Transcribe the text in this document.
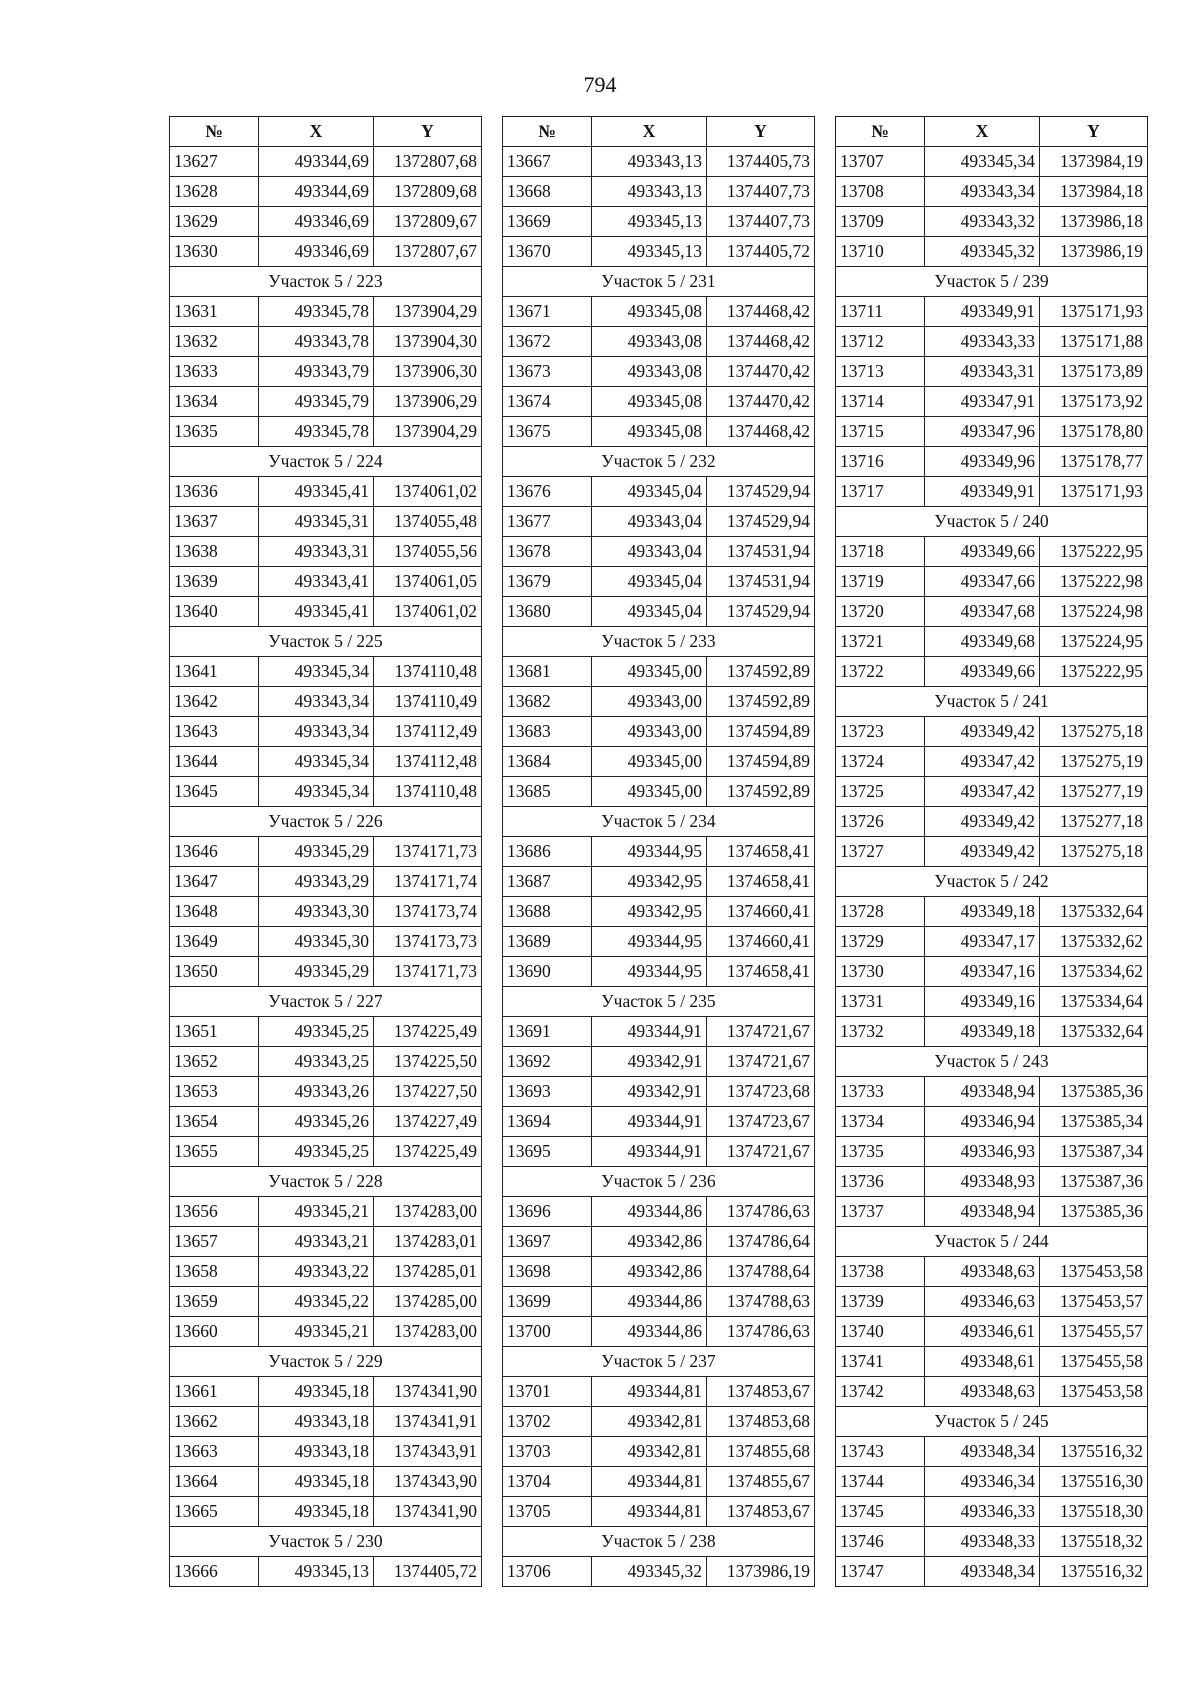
794
№	X	Y
13627	493344,69	1372807,68
13628	493344,69	1372809,68
13629	493346,69	1372809,67
13630	493346,69	1372807,67
Участок 5 / 223		
13631	493345,78	1373904,29
13632	493343,78	1373904,30
13633	493343,79	1373906,30
13634	493345,79	1373906,29
13635	493345,78	1373904,29
Участок 5 / 224		
13636	493345,41	1374061,02
13637	493345,31	1374055,48
13638	493343,31	1374055,56
13639	493343,41	1374061,05
13640	493345,41	1374061,02
Участок 5 / 225		
13641	493345,34	1374110,48
13642	493343,34	1374110,49
13643	493343,34	1374112,49
13644	493345,34	1374112,48
13645	493345,34	1374110,48
Участок 5 / 226		
13646	493345,29	1374171,73
13647	493343,29	1374171,74
13648	493343,30	1374173,74
13649	493345,30	1374173,73
13650	493345,29	1374171,73
Участок 5 / 227		
13651	493345,25	1374225,49
13652	493343,25	1374225,50
13653	493343,26	1374227,50
13654	493345,26	1374227,49
13655	493345,25	1374225,49
Участок 5 / 228		
13656	493345,21	1374283,00
13657	493343,21	1374283,01
13658	493343,22	1374285,01
13659	493345,22	1374285,00
13660	493345,21	1374283,00
Участок 5 / 229		
13661	493345,18	1374341,90
13662	493343,18	1374341,91
13663	493343,18	1374343,91
13664	493345,18	1374343,90
13665	493345,18	1374341,90
Участок 5 / 230		
13666	493345,13	1374405,72
№	X	Y
13667	493343,13	1374405,73
13668	493343,13	1374407,73
13669	493345,13	1374407,73
13670	493345,13	1374405,72
Участок 5 / 231		
13671	493345,08	1374468,42
13672	493343,08	1374468,42
13673	493343,08	1374470,42
13674	493345,08	1374470,42
13675	493345,08	1374468,42
Участок 5 / 232		
13676	493345,04	1374529,94
13677	493343,04	1374529,94
13678	493343,04	1374531,94
13679	493345,04	1374531,94
13680	493345,04	1374529,94
Участок 5 / 233		
13681	493345,00	1374592,89
13682	493343,00	1374592,89
13683	493343,00	1374594,89
13684	493345,00	1374594,89
13685	493345,00	1374592,89
Участок 5 / 234		
13686	493344,95	1374658,41
13687	493342,95	1374658,41
13688	493342,95	1374660,41
13689	493344,95	1374660,41
13690	493344,95	1374658,41
Участок 5 / 235		
13691	493344,91	1374721,67
13692	493342,91	1374721,67
13693	493342,91	1374723,68
13694	493344,91	1374723,67
13695	493344,91	1374721,67
Участок 5 / 236		
13696	493344,86	1374786,63
13697	493342,86	1374786,64
13698	493342,86	1374788,64
13699	493344,86	1374788,63
13700	493344,86	1374786,63
Участок 5 / 237		
13701	493344,81	1374853,67
13702	493342,81	1374853,68
13703	493342,81	1374855,68
13704	493344,81	1374855,67
13705	493344,81	1374853,67
Участок 5 / 238		
13706	493345,32	1373986,19
№	X	Y
13707	493345,34	1373984,19
13708	493343,34	1373984,18
13709	493343,32	1373986,18
13710	493345,32	1373986,19
Участок 5 / 239		
13711	493349,91	1375171,93
13712	493343,33	1375171,88
13713	493343,31	1375173,89
13714	493347,91	1375173,92
13715	493347,96	1375178,80
13716	493349,96	1375178,77
13717	493349,91	1375171,93
Участок 5 / 240		
13718	493349,66	1375222,95
13719	493347,66	1375222,98
13720	493347,68	1375224,98
13721	493349,68	1375224,95
13722	493349,66	1375222,95
Участок 5 / 241		
13723	493349,42	1375275,18
13724	493347,42	1375275,19
13725	493347,42	1375277,19
13726	493349,42	1375277,18
13727	493349,42	1375275,18
Участок 5 / 242		
13728	493349,18	1375332,64
13729	493347,17	1375332,62
13730	493347,16	1375334,62
13731	493349,16	1375334,64
13732	493349,18	1375332,64
Участок 5 / 243		
13733	493348,94	1375385,36
13734	493346,94	1375385,34
13735	493346,93	1375387,34
13736	493348,93	1375387,36
13737	493348,94	1375385,36
Участок 5 / 244		
13738	493348,63	1375453,58
13739	493346,63	1375453,57
13740	493346,61	1375455,57
13741	493348,61	1375455,58
13742	493348,63	1375453,58
Участок 5 / 245		
13743	493348,34	1375516,32
13744	493346,34	1375516,30
13745	493346,33	1375518,30
13746	493348,33	1375518,32
13747	493348,34	1375516,32
